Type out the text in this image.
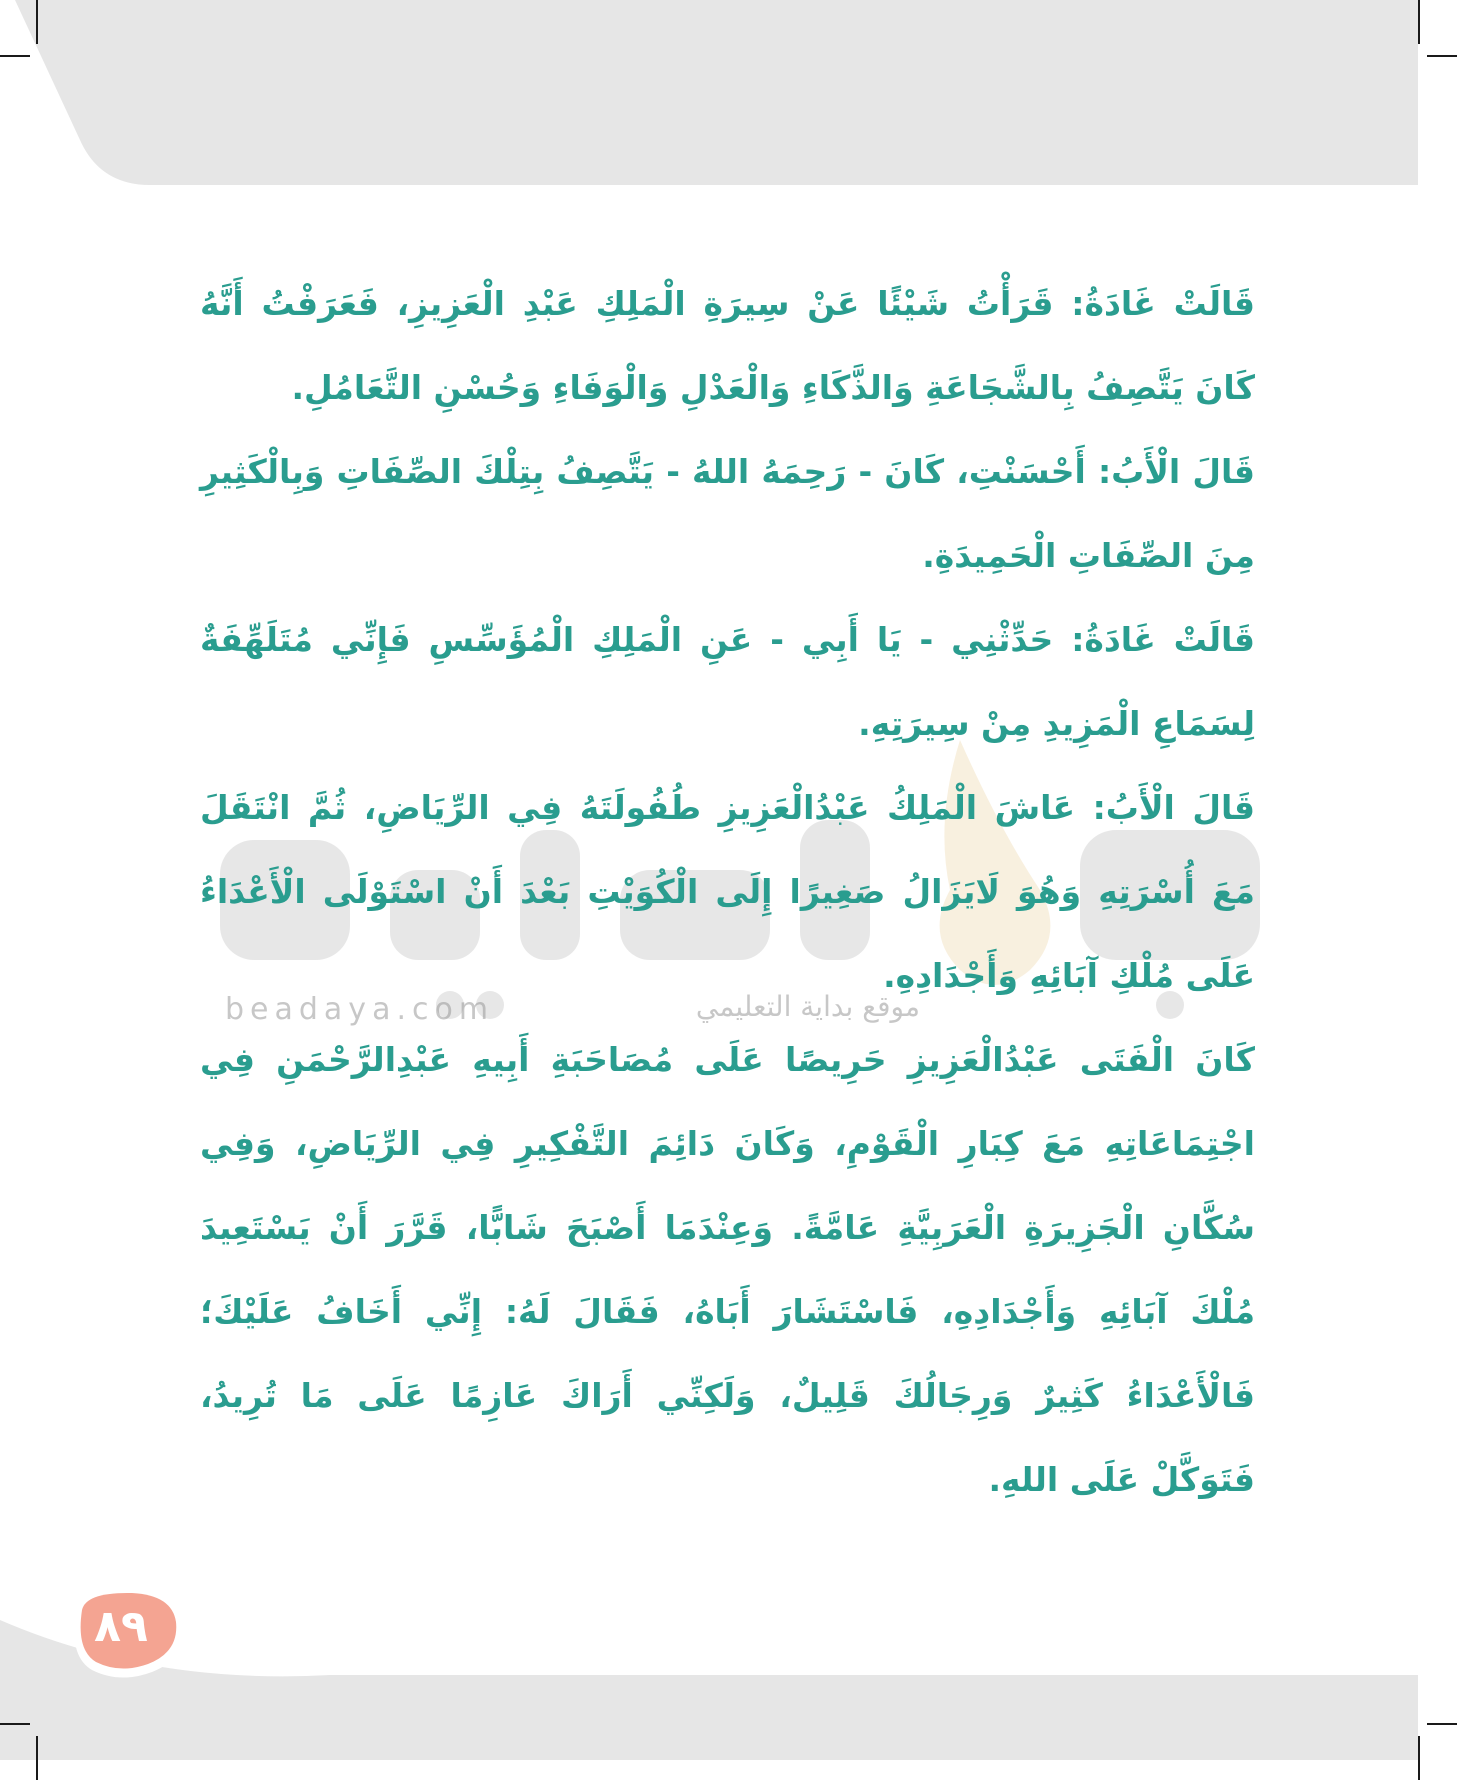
beadaya.com	موقع بداية التعليمي

قَالَتْ غَادَةُ: قَرَأْتُ شَيْئًا عَنْ سِيرَةِ الْمَلِكِ عَبْدِ الْعَزِيزِ، فَعَرَفْتُ أَنَّهُ كَانَ يَتَّصِفُ بِالشَّجَاعَةِ وَالذَّكَاءِ وَالْعَدْلِ وَالْوَفَاءِ وَحُسْنِ التَّعَامُلِ.

قَالَ الْأَبُ: أَحْسَنْتِ، كَانَ - رَحِمَهُ اللهُ - يَتَّصِفُ بِتِلْكَ الصِّفَاتِ وَبِالْكَثِيرِ مِنَ الصِّفَاتِ الْحَمِيدَةِ.

قَالَتْ غَادَةُ: حَدِّثْنِي - يَا أَبِي - عَنِ الْمَلِكِ الْمُؤَسِّسِ فَإِنِّي مُتَلَهِّفَةٌ لِسَمَاعِ الْمَزِيدِ مِنْ سِيرَتِهِ.

قَالَ الْأَبُ: عَاشَ الْمَلِكُ عَبْدُالْعَزِيزِ طُفُولَتَهُ فِي الرِّيَاضِ، ثُمَّ انْتَقَلَ مَعَ أُسْرَتِهِ وَهُوَ لَايَزَالُ صَغِيرًا إِلَى الْكُوَيْتِ بَعْدَ أَنْ اسْتَوْلَى الْأَعْدَاءُ عَلَى مُلْكِ آبَائِهِ وَأَجْدَادِهِ.

كَانَ الْفَتَى عَبْدُالْعَزِيزِ حَرِيصًا عَلَى مُصَاحَبَةِ أَبِيهِ عَبْدِالرَّحْمَنِ فِي اجْتِمَاعَاتِهِ مَعَ كِبَارِ الْقَوْمِ، وَكَانَ دَائِمَ التَّفْكِيرِ فِي الرِّيَاضِ، وَفِي سُكَّانِ الْجَزِيرَةِ الْعَرَبِيَّةِ عَامَّةً. وَعِنْدَمَا أَصْبَحَ شَابًّا، قَرَّرَ أَنْ يَسْتَعِيدَ مُلْكَ آبَائِهِ وَأَجْدَادِهِ، فَاسْتَشَارَ أَبَاهُ، فَقَالَ لَهُ: إِنِّي أَخَافُ عَلَيْكَ؛ فَالْأَعْدَاءُ كَثِيرٌ وَرِجَالُكَ قَلِيلٌ، وَلَكِنِّي أَرَاكَ عَازِمًا عَلَى مَا تُرِيدُ، فَتَوَكَّلْ عَلَى اللهِ.

٨٩
